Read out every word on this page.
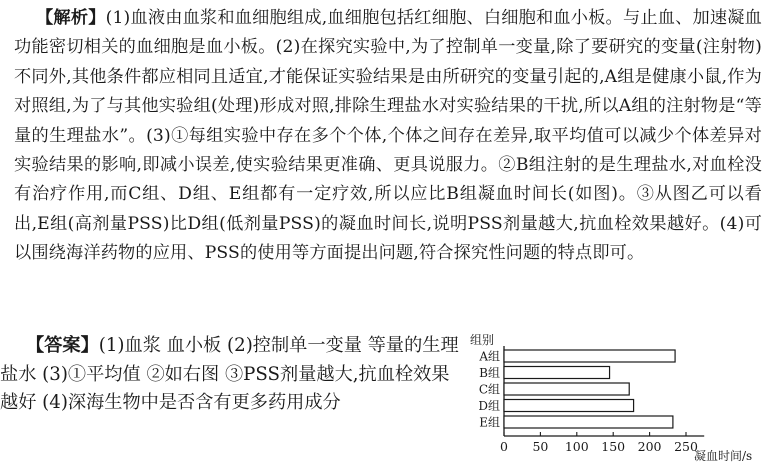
【解析】(1)血液由血浆和血细胞组成,血细胞包括红细胞、白细胞和血小板。与止血、加速凝血功能密切相关的血细胞是血小板。(2)在探究实验中,为了控制单一变量,除了要研究的变量(注射物)不同外,其他条件都应相同且适宜,才能保证实验结果是由所研究的变量引起的,A组是健康小鼠,作为对照组,为了与其他实验组(处理)形成对照,排除生理盐水对实验结果的干扰,所以A组的注射物是“等量的生理盐水”。(3)①每组实验中存在多个个体,个体之间存在差异,取平均值可以减少个体差异对实验结果的影响,即减小误差,使实验结果更准确、更具说服力。②B组注射的是生理盐水,对血栓没有治疗作用,而C组、D组、E组都有一定疗效,所以应比B组凝血时间长(如图)。③从图乙可以看出,E组(高剂量PSS)比D组(低剂量PSS)的凝血时间长,说明PSS剂量越大,抗血栓效果越好。(4)可以围绕海洋药物的应用、PSS的使用等方面提出问题,符合探究性问题的特点即可。
【答案】(1)血浆 血小板 (2)控制单一变量 等量的生理盐水 (3)①平均值 ②如右图 ③PSS剂量越大,抗血栓效果越好 (4)深海生物中是否含有更多药用成分
组别
凝血时间/s
A组
B组
C组
D组
E组
0 50 100 150 200 250
